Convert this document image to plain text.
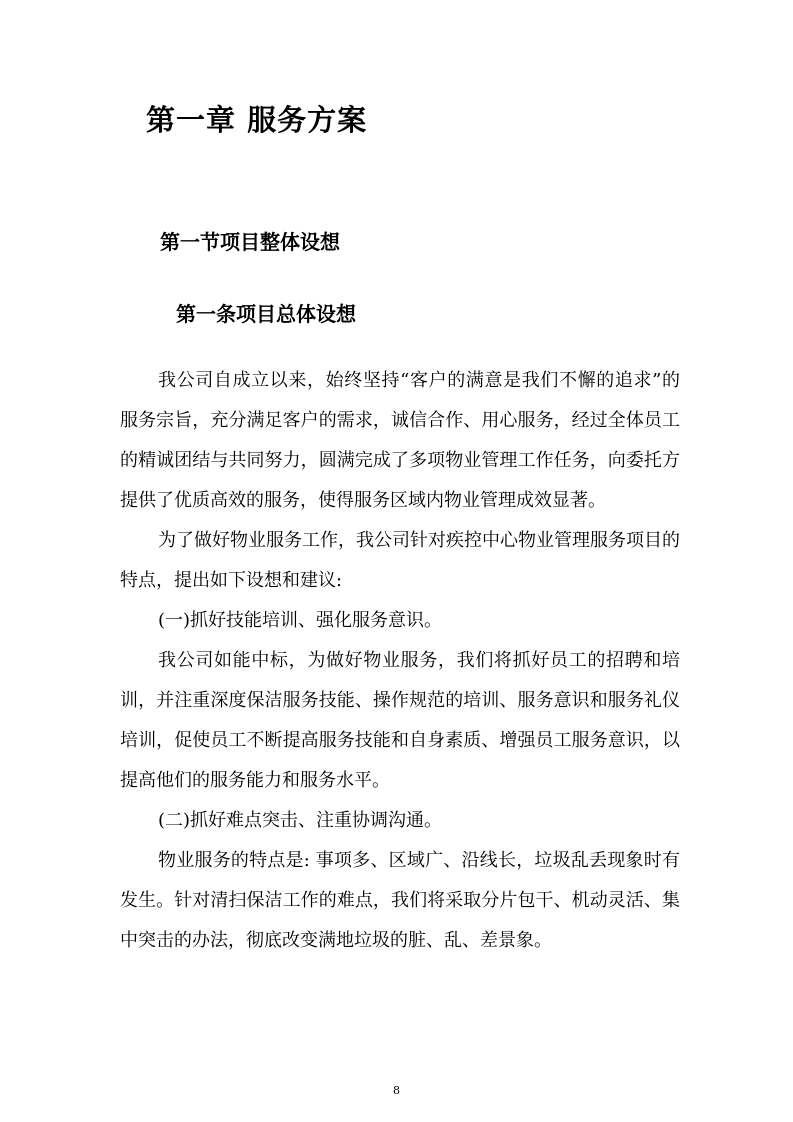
第一章 服务方案
第一节项目整体设想
第一条项目总体设想

我公司自成立以来，始终坚持“客户的满意是我们不懈的追求”的服务宗旨，充分满足客户的需求，诚信合作、用心服务，经过全体员工的精诚团结与共同努力，圆满完成了多项物业管理工作任务，向委托方提供了优质高效的服务，使得服务区域内物业管理成效显著。

为了做好物业服务工作，我公司针对疾控中心物业管理服务项目的特点，提出如下设想和建议:

(一)抓好技能培训、强化服务意识。

我公司如能中标，为做好物业服务，我们将抓好员工的招聘和培训，并注重深度保洁服务技能、操作规范的培训、服务意识和服务礼仪培训，促使员工不断提高服务技能和自身素质、增强员工服务意识，以提高他们的服务能力和服务水平。

(二)抓好难点突击、注重协调沟通。

物业服务的特点是: 事项多、区域广、沿线长，垃圾乱丢现象时有发生。针对清扫保洁工作的难点，我们将采取分片包干、机动灵活、集中突击的办法，彻底改变满地垃圾的脏、乱、差景象。

8
